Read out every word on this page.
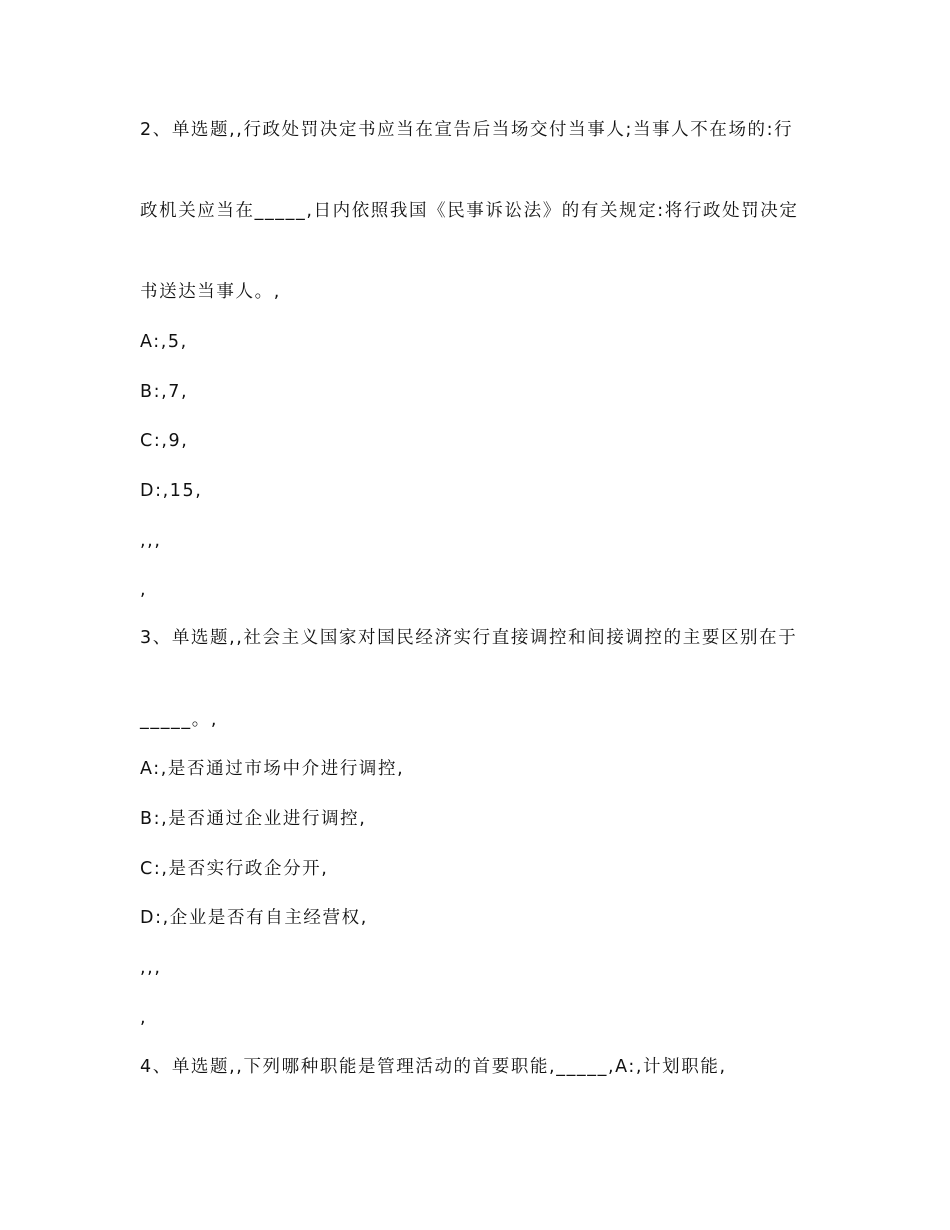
2、单选题,,行政处罚决定书应当在宣告后当场交付当事人;当事人不在场的:行
政机关应当在_____,日内依照我国《民事诉讼法》的有关规定:将行政处罚决定
书送达当事人。,
A:,5,
B:,7,
C:,9,
D:,15,
,,,
,
3、单选题,,社会主义国家对国民经济实行直接调控和间接调控的主要区别在于
_____。,
A:,是否通过市场中介进行调控,
B:,是否通过企业进行调控,
C:,是否实行政企分开,
D:,企业是否有自主经营权,
,,,
,
4、单选题,,下列哪种职能是管理活动的首要职能,_____,A:,计划职能,
